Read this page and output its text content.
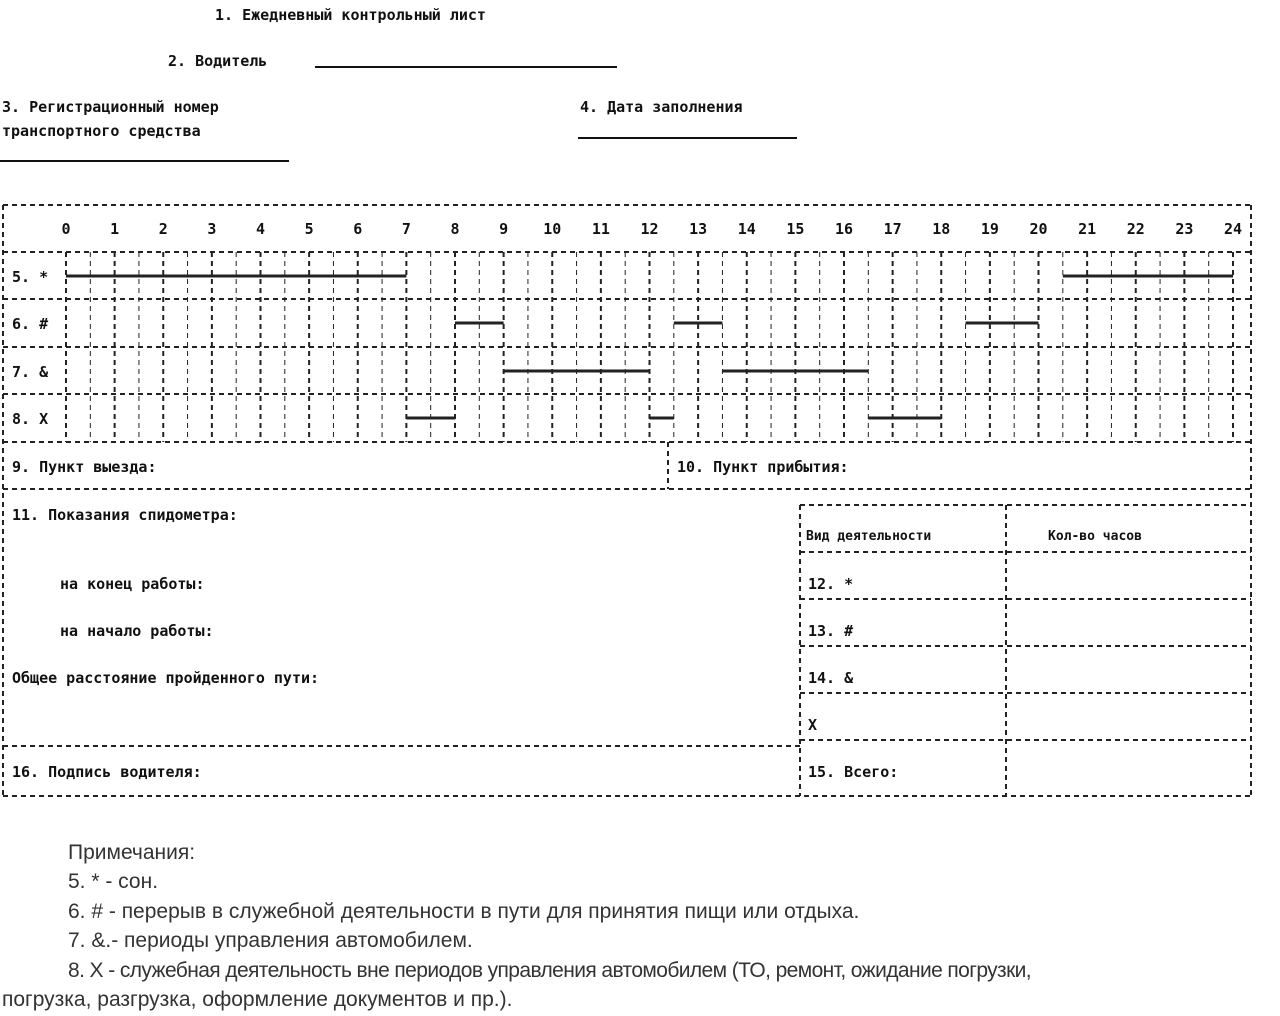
1. Ежедневный контрольный лист
2. Водитель
3. Регистрационный номер
транспортного средства
4. Дата заполнения
0	1	2	3	4	5	6	7	8	9 10 11 12 13 14 15 16 17 18 19 20 21 22 23 24
5. *
6. #
7. &
8. X
9. Пункт выезда:	10. Пункт прибытия:
11. Показания спидометра:
на конец работы:
на начало работы:
Общее расстояние пройденного пути:
Вид деятельности	Кол-во часов
12. *
13. #
14. &
X
15. Всего:
16. Подпись водителя:
Примечания:
5. * - сон.
6. # - перерыв в служебной деятельности в пути для принятия пищи или отдыха.
7. &.- периоды управления автомобилем.
8. X - служебная деятельность вне периодов управления автомобилем (ТО, ремонт, ожидание погрузки,
погрузка, разгрузка, оформление документов и пр.).
